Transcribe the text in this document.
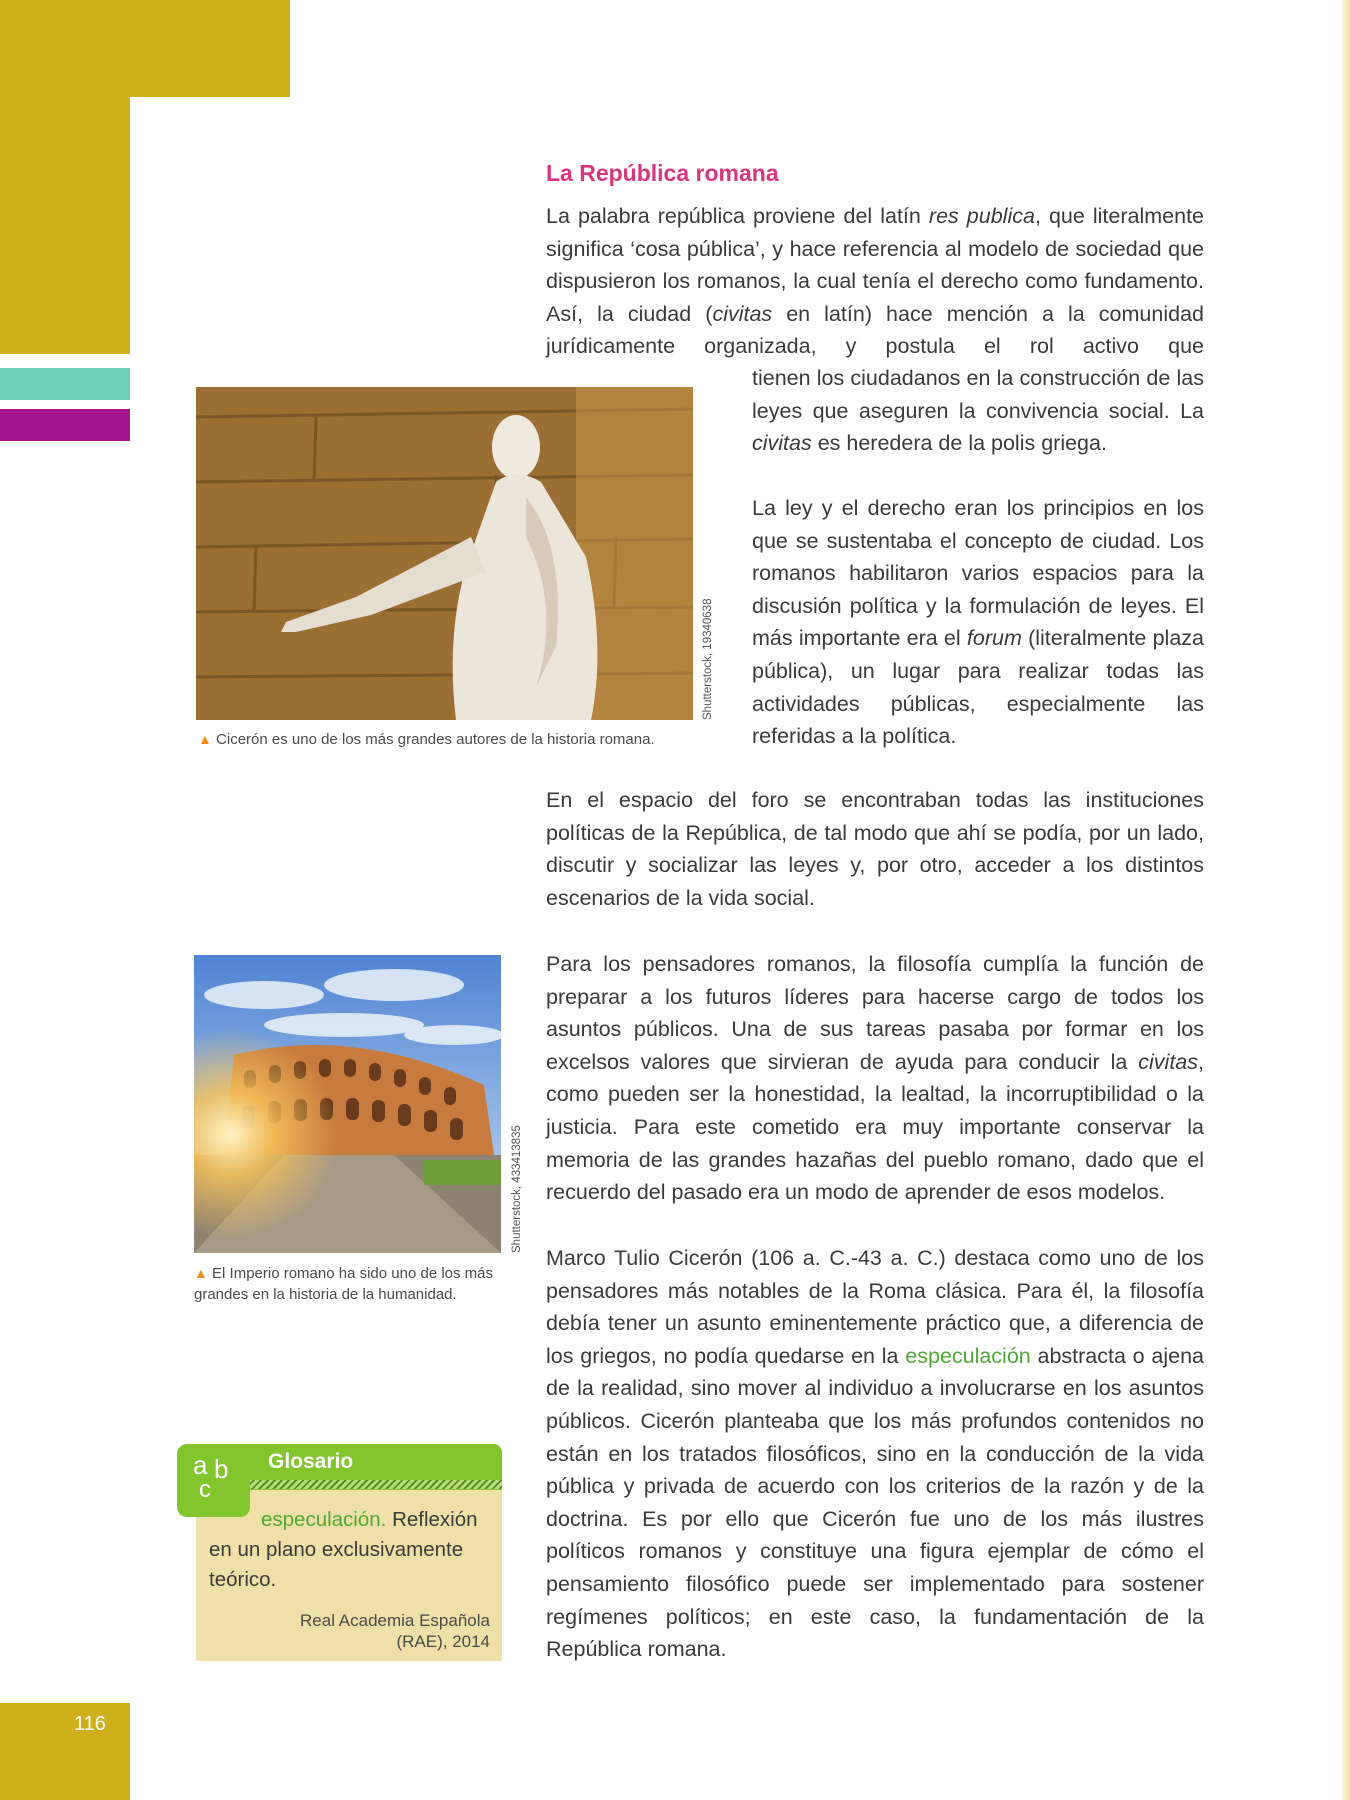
La República romana

La palabra república proviene del latín res publica, que literalmente significa ‘cosa pública’, y hace referencia al modelo de sociedad que dispusieron los romanos, la cual tenía el derecho como fundamento. Así, la ciudad (civitas en latín) hace mención a la comunidad jurídicamente organizada, y postula el rol activo que

La ley y el derecho eran los principios en los que se sustentaba el concepto de ciudad. Los romanos habilitaron varios espacios para la discusión política y la formulación de leyes. El más importante era el forum (literalmente plaza pública), un lugar para realizar todas las actividades públicas, especialmente las referidas a la política.

En el espacio del foro se encontraban todas las instituciones políticas de la República, de tal modo que ahí se podía, por un lado, discutir y socializar las leyes y, por otro, acceder a los distintos escenarios de la vida social.

Para los pensadores romanos, la filosofía cumplía la función de preparar a los futuros líderes para hacerse cargo de todos los asuntos públicos. Una de sus tareas pasaba por formar en los excelsos valores que sirvieran de ayuda para conducir la civitas, como pueden ser la honestidad, la lealtad, la incorruptibilidad o la justicia. Para este cometido era muy importante conservar la memoria de las grandes hazañas del pueblo romano, dado que el recuerdo del pasado era un modo de aprender de esos modelos.

Marco Tulio Cicerón (106 a. C.-43 a. C.) destaca como uno de los pensadores más notables de la Roma clásica. Para él, la filosofía debía tener un asunto eminentemente práctico que, a diferencia de los griegos, no podía quedarse en la especulación abstracta o ajena de la realidad, sino mover al individuo a involucrarse en los asuntos públicos. Cicerón planteaba que los más profundos contenidos no están en los tratados filosóficos, sino en la conducción de la vida pública y privada de acuerdo con los criterios de la razón y de la doctrina. Es por ello que Cicerón fue uno de los más ilustres políticos romanos y constituye una figura ejemplar de cómo el pensamiento filosófico puede ser implementado para sostener regímenes políticos; en este caso, la fundamentación de la República romana.

Shutterstock, 19340638
▲ Cicerón es uno de los más grandes autores de la historia romana.
Shutterstock, 433413835
▲ El Imperio romano ha sido uno de los más grandes en la historia de la humanidad.
a b
c
Glosario
especulación. Reflexión en un plano exclusivamente teórico.
Real Academia Española
(RAE), 2014
116

tienen los ciudadanos en la construcción de las leyes que aseguren la convivencia social. La civitas es heredera de la polis griega.
